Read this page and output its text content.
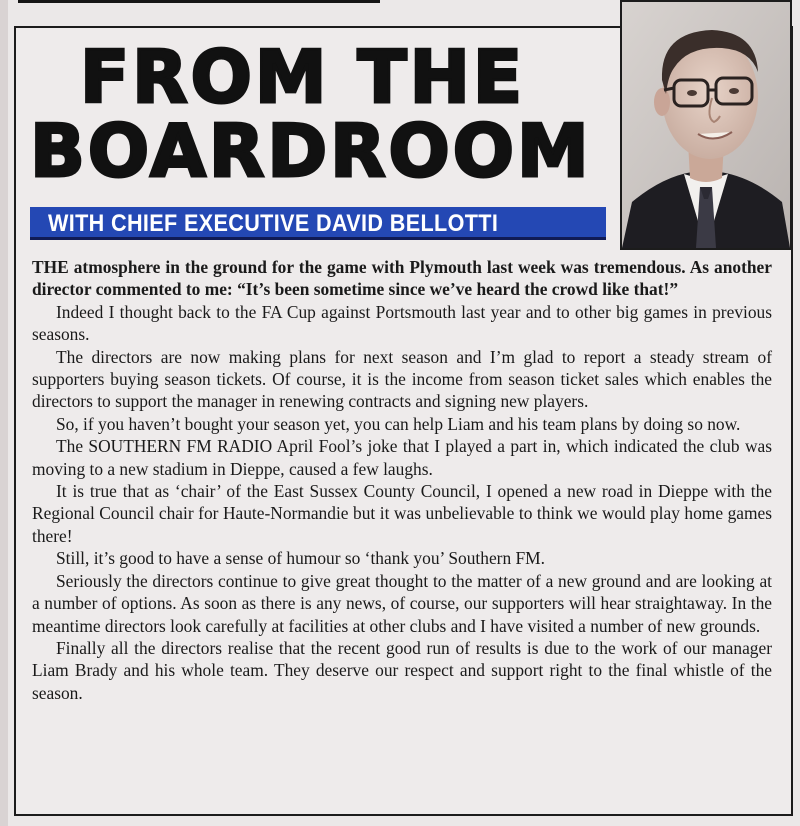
FROM THE
BOARDROOM
WITH CHIEF EXECUTIVE DAVID BELLOTTI

THE atmosphere in the ground for the game with Plymouth last week was tremendous. As another director commented to me: “It’s been sometime since we’ve heard the crowd like that!”

Indeed I thought back to the FA Cup against Portsmouth last year and to other big games in previous seasons.

The directors are now making plans for next season and I’m glad to report a steady stream of supporters buying season tickets. Of course, it is the income from season ticket sales which enables the directors to support the manager in renewing contracts and signing new players.

So, if you haven’t bought your season yet, you can help Liam and his team plans by doing so now.

The SOUTHERN FM RADIO April Fool’s joke that I played a part in, which indicated the club was moving to a new stadium in Dieppe, caused a few laughs.

It is true that as ‘chair’ of the East Sussex County Council, I opened a new road in Dieppe with the Regional Council chair for Haute-Normandie but it was unbelievable to think we would play home games there!

Still, it’s good to have a sense of humour so ‘thank you’ Southern FM.

Seriously the directors continue to give great thought to the matter of a new ground and are looking at a number of options. As soon as there is any news, of course, our supporters will hear straightaway. In the meantime directors look carefully at facilities at other clubs and I have visited a number of new grounds.

Finally all the directors realise that the recent good run of results is due to the work of our manager Liam Brady and his whole team. They deserve our respect and support right to the final whistle of the season.
